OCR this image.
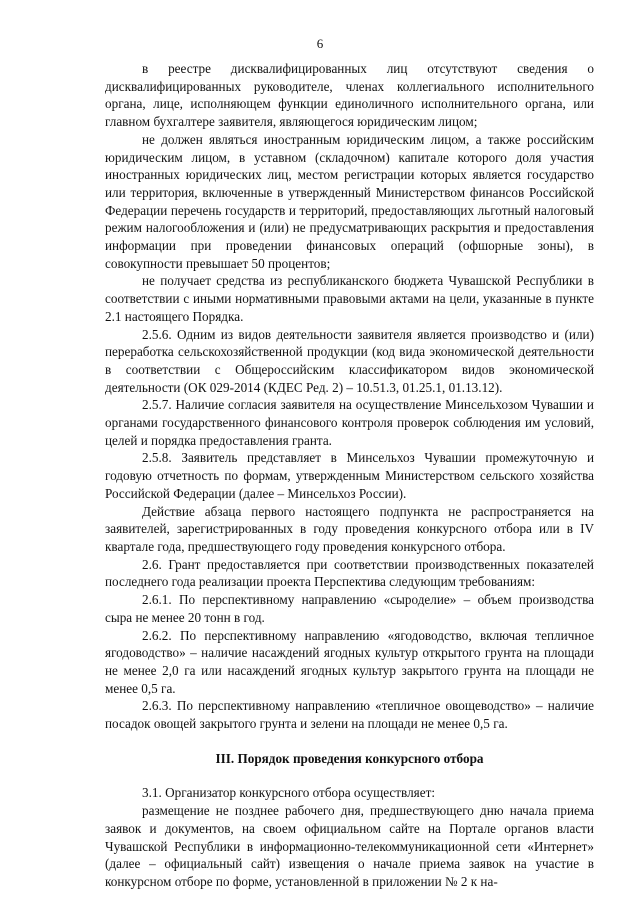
6

в реестре дисквалифицированных лиц отсутствуют сведения о дисквалифицированных руководителе, членах коллегиального исполнительного органа, лице, исполняющем функции единоличного исполнительного органа, или главном бухгалтере заявителя, являющегося юридическим лицом;

не должен являться иностранным юридическим лицом, а также российским юридическим лицом, в уставном (складочном) капитале которого доля участия иностранных юридических лиц, местом регистрации которых является государство или территория, включенные в утвержденный Министерством финансов Российской Федерации перечень государств и территорий, предоставляющих льготный налоговый режим налогообложения и (или) не предусматривающих раскрытия и предоставления информации при проведении финансовых операций (офшорные зоны), в совокупности превышает 50 процентов;

не получает средства из республиканского бюджета Чувашской Республики в соответствии с иными нормативными правовыми актами на цели, указанные в пункте 2.1 настоящего Порядка.

2.5.6. Одним из видов деятельности заявителя является производство и (или) переработка сельскохозяйственной продукции (код вида экономической деятельности в соответствии с Общероссийским классификатором видов экономической деятельности (ОК 029-2014 (КДЕС Ред. 2) – 10.51.3, 01.25.1, 01.13.12).

2.5.7. Наличие согласия заявителя на осуществление Минсельхозом Чувашии и органами государственного финансового контроля проверок соблюдения им условий, целей и порядка предоставления гранта.

2.5.8. Заявитель представляет в Минсельхоз Чувашии промежуточную и годовую отчетность по формам, утвержденным Министерством сельского хозяйства Российской Федерации (далее – Минсельхоз России).

Действие абзаца первого настоящего подпункта не распространяется на заявителей, зарегистрированных в году проведения конкурсного отбора или в IV квартале года, предшествующего году проведения конкурсного отбора.

2.6. Грант предоставляется при соответствии производственных показателей последнего года реализации проекта Перспектива следующим требованиям:

2.6.1. По перспективному направлению «сыроделие» – объем производства сыра не менее 20 тонн в год.

2.6.2. По перспективному направлению «ягодоводство, включая тепличное ягодоводство» – наличие насаждений ягодных культур открытого грунта на площади не менее 2,0 га или насаждений ягодных культур закрытого грунта на площади не менее 0,5 га.

2.6.3. По перспективному направлению «тепличное овощеводство» – наличие посадок овощей закрытого грунта и зелени на площади не менее 0,5 га.

III. Порядок проведения конкурсного отбора

3.1. Организатор конкурсного отбора осуществляет:

размещение не позднее рабочего дня, предшествующего дню начала приема заявок и документов, на своем официальном сайте на Портале органов власти Чувашской Республики в информационно-телекоммуникационной сети «Интернет» (далее – официальный сайт) извещения о начале приема заявок на участие в конкурсном отборе по форме, установленной в приложении № 2 к на-
